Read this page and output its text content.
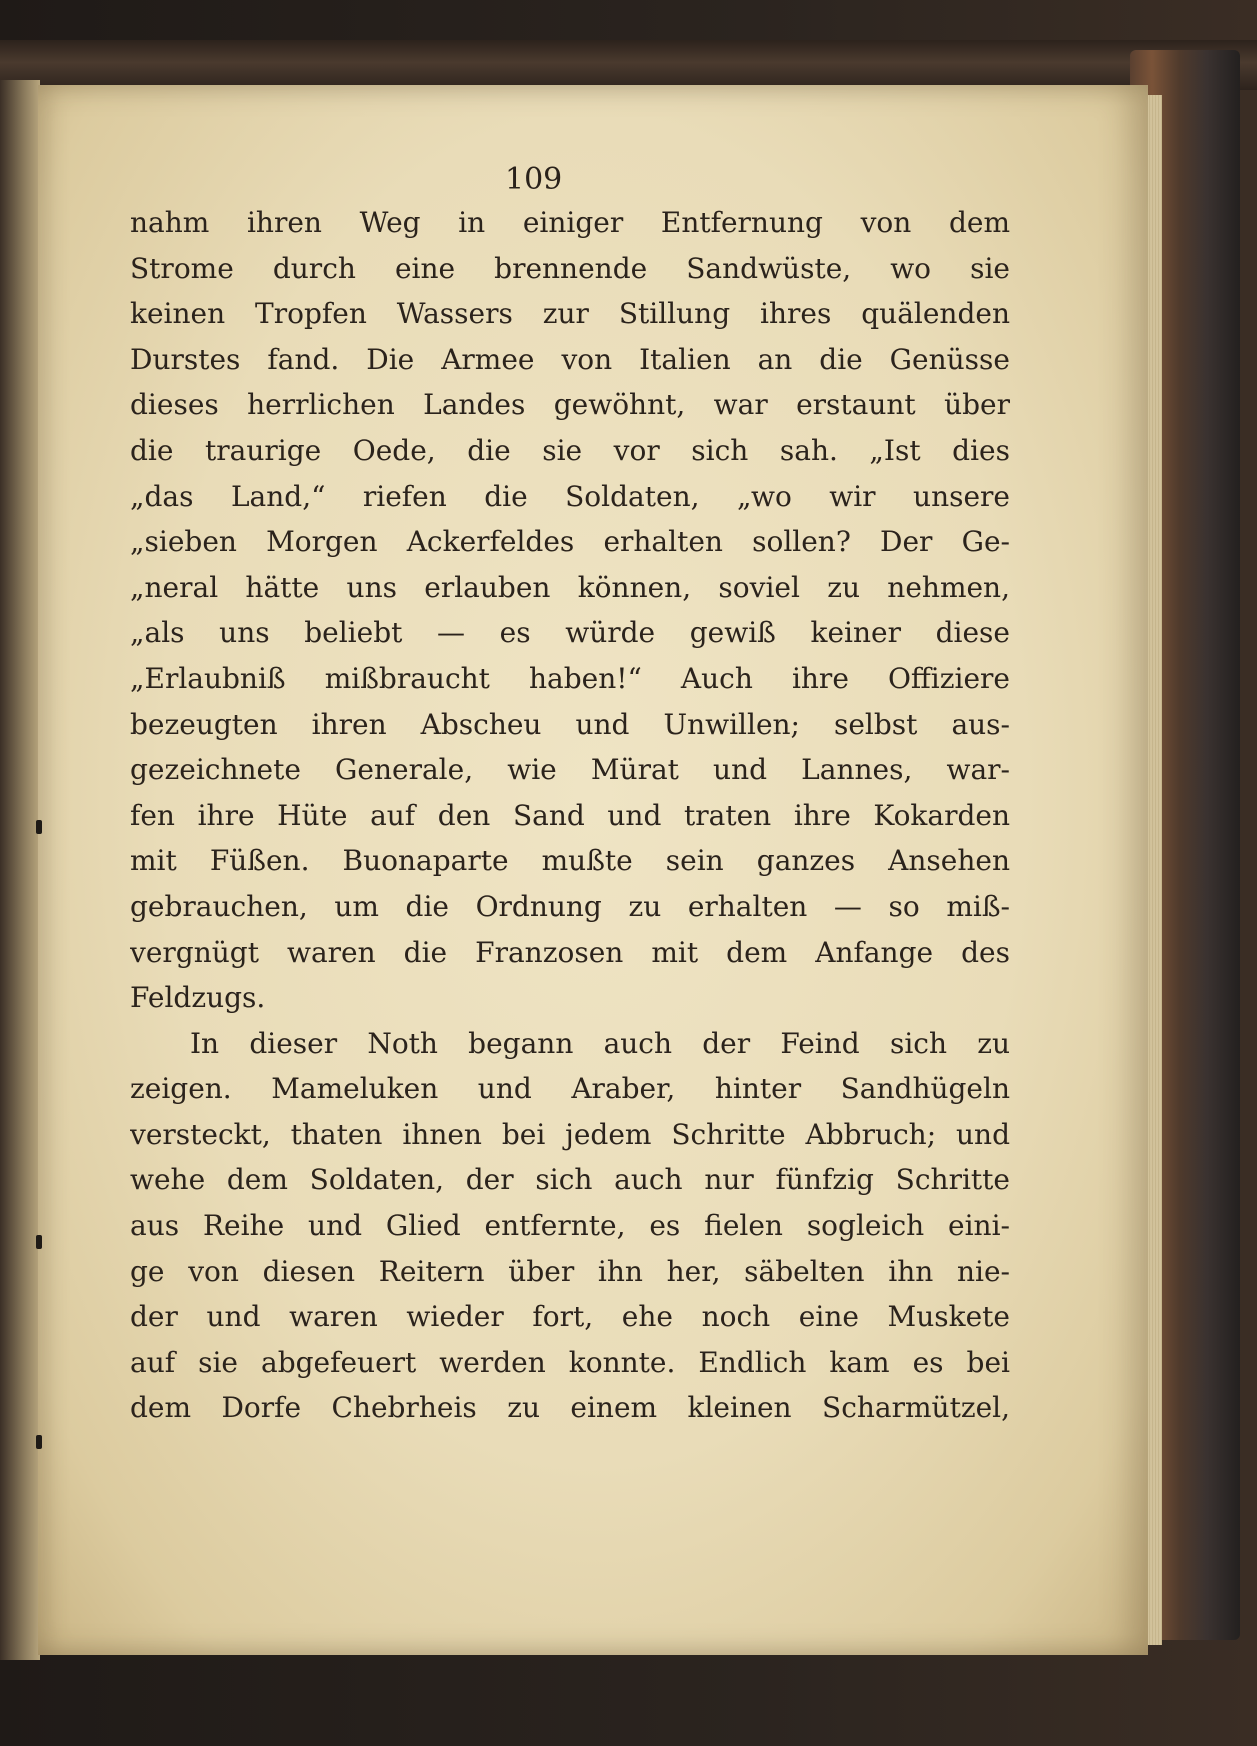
109
nahm ihren Weg in einiger Entfernung von dem
Strome durch eine brennende Sandwüste, wo sie
keinen Tropfen Wassers zur Stillung ihres quälenden
Durstes fand. Die Armee von Italien an die Genüsse
dieses herrlichen Landes gewöhnt, war erstaunt über
die traurige Oede, die sie vor sich sah. „Ist dies
„das Land,“ riefen die Soldaten, „wo wir unsere
„sieben Morgen Ackerfeldes erhalten sollen? Der Ge-
„neral hätte uns erlauben können, soviel zu nehmen,
„als uns beliebt — es würde gewiß keiner diese
„Erlaubniß mißbraucht haben!“ Auch ihre Offiziere
bezeugten ihren Abscheu und Unwillen; selbst aus-
gezeichnete Generale, wie Mürat und Lannes, war-
fen ihre Hüte auf den Sand und traten ihre Kokarden
mit Füßen. Buonaparte mußte sein ganzes Ansehen
gebrauchen, um die Ordnung zu erhalten — so miß-
vergnügt waren die Franzosen mit dem Anfange des
Feldzugs.
In dieser Noth begann auch der Feind sich zu
zeigen. Mameluken und Araber, hinter Sandhügeln
versteckt, thaten ihnen bei jedem Schritte Abbruch; und
wehe dem Soldaten, der sich auch nur fünfzig Schritte
aus Reihe und Glied entfernte, es fielen sogleich eini-
ge von diesen Reitern über ihn her, säbelten ihn nie-
der und waren wieder fort, ehe noch eine Muskete
auf sie abgefeuert werden konnte. Endlich kam es bei
dem Dorfe Chebrheis zu einem kleinen Scharmützel,
